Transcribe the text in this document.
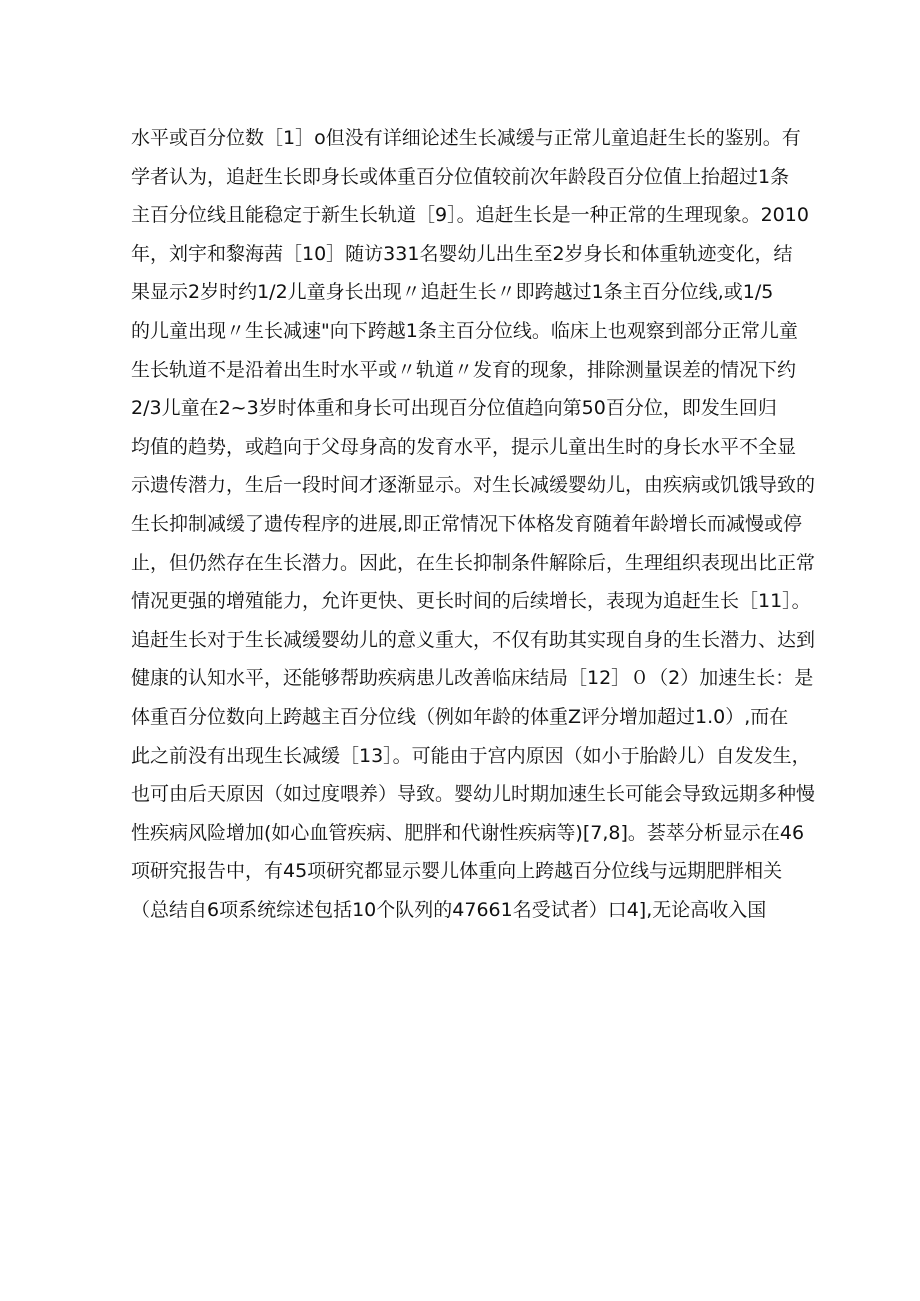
水平或百分位数［1］o但没有详细论述生长减缓与正常儿童追赶生长的鉴别。有
学者认为，追赶生长即身长或体重百分位值较前次年龄段百分位值上抬超过1条
主百分位线且能稳定于新生长轨道［9］。追赶生长是一种正常的生理现象。2010
年，刘宇和黎海茜［10］随访331名婴幼儿出生至2岁身长和体重轨迹变化，结
果显示2岁时约1/2儿童身长出现〃追赶生长〃即跨越过1条主百分位线,或1/5
的儿童出现〃生长减速"向下跨越1条主百分位线。临床上也观察到部分正常儿童
生长轨道不是沿着出生时水平或〃轨道〃发育的现象，排除测量误差的情况下约
2/3儿童在2~3岁时体重和身长可出现百分位值趋向第50百分位，即发生回归
均值的趋势，或趋向于父母身高的发育水平，提示儿童出生时的身长水平不全显
示遗传潜力，生后一段时间才逐渐显示。对生长减缓婴幼儿，由疾病或饥饿导致的
生长抑制减缓了遗传程序的进展,即正常情况下体格发育随着年龄增长而减慢或停
止，但仍然存在生长潜力。因此，在生长抑制条件解除后，生理组织表现出比正常
情况更强的增殖能力，允许更快、更长时间的后续增长，表现为追赶生长［11］。
追赶生长对于生长减缓婴幼儿的意义重大，不仅有助其实现自身的生长潜力、达到
健康的认知水平，还能够帮助疾病患儿改善临床结局［12］０（2）加速生长：是
体重百分位数向上跨越主百分位线（例如年龄的体重Z评分增加超过1.0）,而在
此之前没有出现生长减缓［13］。可能由于宫内原因（如小于胎龄儿）自发发生，
也可由后天原因（如过度喂养）导致。婴幼儿时期加速生长可能会导致远期多种慢
性疾病风险增加(如心血管疾病、肥胖和代谢性疾病等)[7,8]。荟萃分析显示在46
项研究报告中，有45项研究都显示婴儿体重向上跨越百分位线与远期肥胖相关
（总结自6项系统综述包括10个队列的47661名受试者）口4],无论高收入国
